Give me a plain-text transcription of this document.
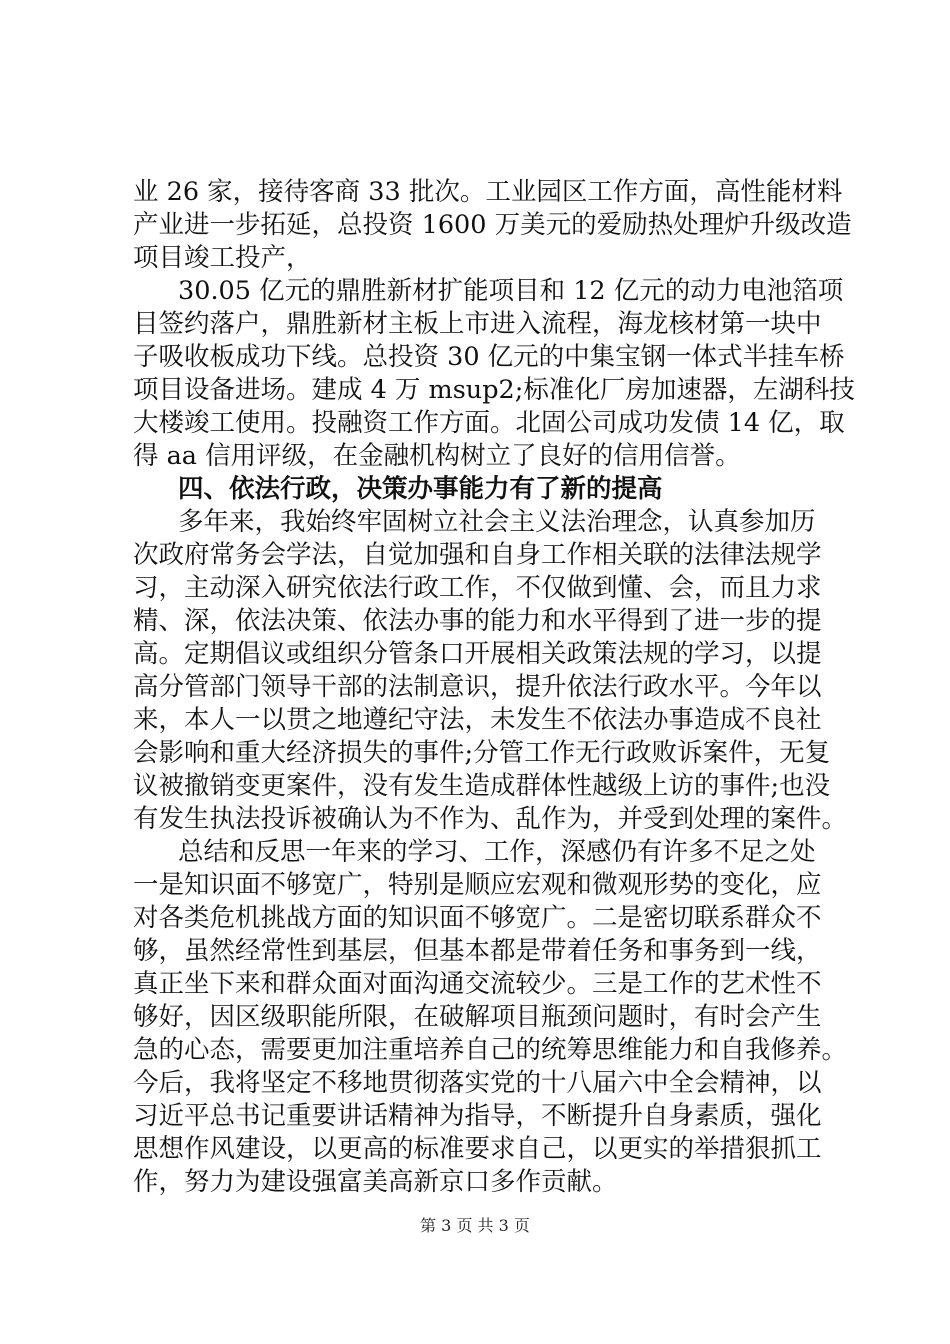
业 26 家，接待客商 33 批次。工业园区工作方面，高性能材料
产业进一步拓延，总投资 1600 万美元的爱励热处理炉升级改造
项目竣工投产，
30.05 亿元的鼎胜新材扩能项目和 12 亿元的动力电池箔项
目签约落户，鼎胜新材主板上市进入流程，海龙核材第一块中
子吸收板成功下线。总投资 30 亿元的中集宝钢一体式半挂车桥
项目设备进场。建成 4 万 msup2;标准化厂房加速器，左湖科技
大楼竣工使用。投融资工作方面。北固公司成功发债 14 亿，取
得 aa 信用评级，在金融机构树立了良好的信用信誉。
四、依法行政，决策办事能力有了新的提高
多年来，我始终牢固树立社会主义法治理念，认真参加历
次政府常务会学法，自觉加强和自身工作相关联的法律法规学
习，主动深入研究依法行政工作，不仅做到懂、会，而且力求
精、深，依法决策、依法办事的能力和水平得到了进一步的提
高。定期倡议或组织分管条口开展相关政策法规的学习，以提
高分管部门领导干部的法制意识，提升依法行政水平。今年以
来，本人一以贯之地遵纪守法，未发生不依法办事造成不良社
会影响和重大经济损失的事件;分管工作无行政败诉案件，无复
议被撤销变更案件，没有发生造成群体性越级上访的事件;也没
有发生执法投诉被确认为不作为、乱作为，并受到处理的案件。
总结和反思一年来的学习、工作，深感仍有许多不足之处
一是知识面不够宽广，特别是顺应宏观和微观形势的变化，应
对各类危机挑战方面的知识面不够宽广。二是密切联系群众不
够，虽然经常性到基层，但基本都是带着任务和事务到一线，
真正坐下来和群众面对面沟通交流较少。三是工作的艺术性不
够好，因区级职能所限，在破解项目瓶颈问题时，有时会产生
急的心态，需要更加注重培养自己的统筹思维能力和自我修养。
今后，我将坚定不移地贯彻落实党的十八届六中全会精神，以
习近平总书记重要讲话精神为指导，不断提升自身素质，强化
思想作风建设，以更高的标准要求自己，以更实的举措狠抓工
作，努力为建设强富美高新京口多作贡献。
第 3 页 共 3 页
